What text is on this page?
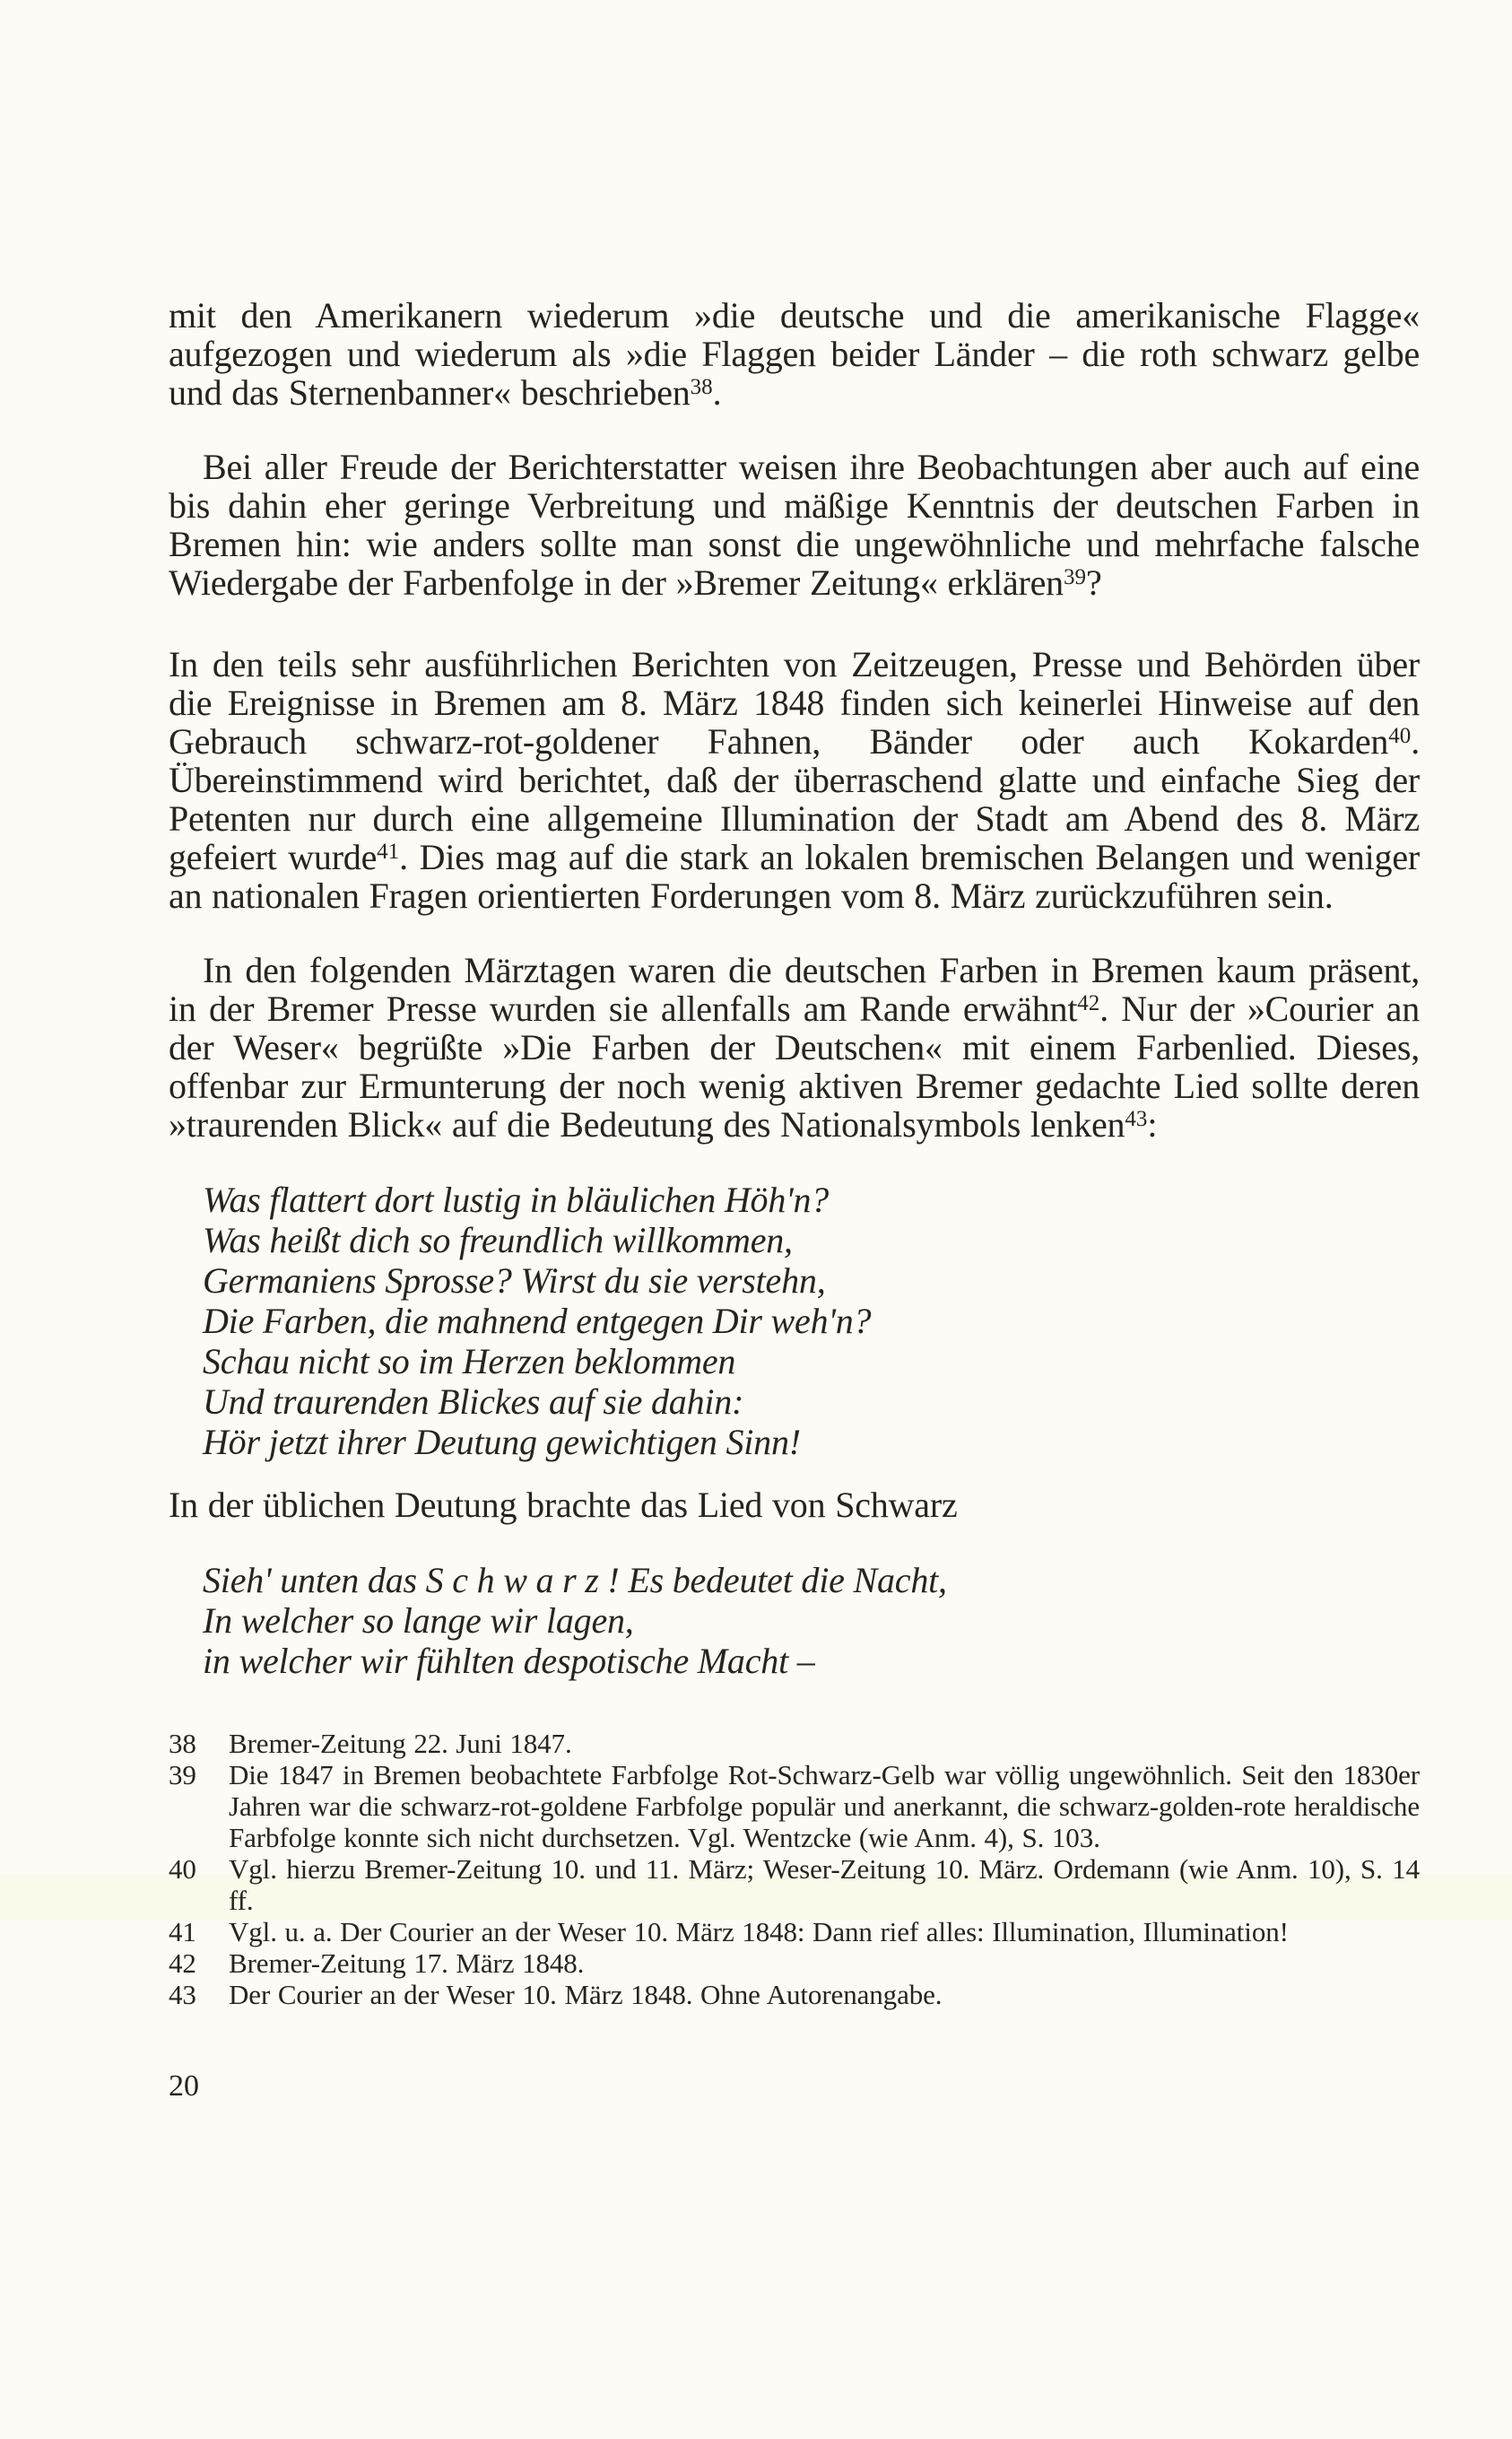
mit den Amerikanern wiederum »die deutsche und die amerikanische Flagge« aufgezogen und wiederum als »die Flaggen beider Länder – die roth schwarz gelbe und das Sternenbanner« beschrieben$^{38}$.

Bei aller Freude der Berichterstatter weisen ihre Beobachtungen aber auch auf eine bis dahin eher geringe Verbreitung und mäßige Kenntnis der deutschen Farben in Bremen hin: wie anders sollte man sonst die ungewöhnliche und mehrfache falsche Wiedergabe der Farbenfolge in der »Bremer Zeitung« erklären$^{39}$?

In den teils sehr ausführlichen Berichten von Zeitzeugen, Presse und Behörden über die Ereignisse in Bremen am 8. März 1848 finden sich keinerlei Hinweise auf den Gebrauch schwarz-rot-goldener Fahnen, Bänder oder auch Kokarden$^{40}$. Übereinstimmend wird berichtet, daß der überraschend glatte und einfache Sieg der Petenten nur durch eine allgemeine Illumination der Stadt am Abend des 8. März gefeiert wurde$^{41}$. Dies mag auf die stark an lokalen bremischen Belangen und weniger an nationalen Fragen orientierten Forderungen vom 8. März zurückzuführen sein.

In den folgenden Märztagen waren die deutschen Farben in Bremen kaum präsent, in der Bremer Presse wurden sie allenfalls am Rande erwähnt$^{42}$. Nur der »Courier an der Weser« begrüßte »Die Farben der Deutschen« mit einem Farbenlied. Dieses, offenbar zur Ermunterung der noch wenig aktiven Bremer gedachte Lied sollte deren »traurenden Blick« auf die Bedeutung des Nationalsymbols lenken$^{43}$:

Was flattert dort lustig in bläulichen Höh'n?
Was heißt dich so freundlich willkommen,
Germaniens Sprosse? Wirst du sie verstehn,
Die Farben, die mahnend entgegen Dir weh'n?
Schau nicht so im Herzen beklommen
Und traurenden Blickes auf sie dahin:
Hör jetzt ihrer Deutung gewichtigen Sinn!

In der üblichen Deutung brachte das Lied von Schwarz

Sieh' unten das S c h w a r z ! Es bedeutet die Nacht,
In welcher so lange wir lagen,
in welcher wir fühlten despotische Macht –
38	Bremer-Zeitung 22. Juni 1847.
39	Die 1847 in Bremen beobachtete Farbfolge Rot-Schwarz-Gelb war völlig ungewöhnlich. Seit den 1830er Jahren war die schwarz-rot-goldene Farbfolge populär und anerkannt, die schwarz-golden-rote heraldische Farbfolge konnte sich nicht durchsetzen. Vgl. Wentzcke (wie Anm. 4), S. 103.
40	Vgl. hierzu Bremer-Zeitung 10. und 11. März; Weser-Zeitung 10. März. Ordemann (wie Anm. 10), S. 14 ff.
41	Vgl. u. a. Der Courier an der Weser 10. März 1848: Dann rief alles: Illumination, Illumination!
42	Bremer-Zeitung 17. März 1848.
43	Der Courier an der Weser 10. März 1848. Ohne Autorenangabe.
20
